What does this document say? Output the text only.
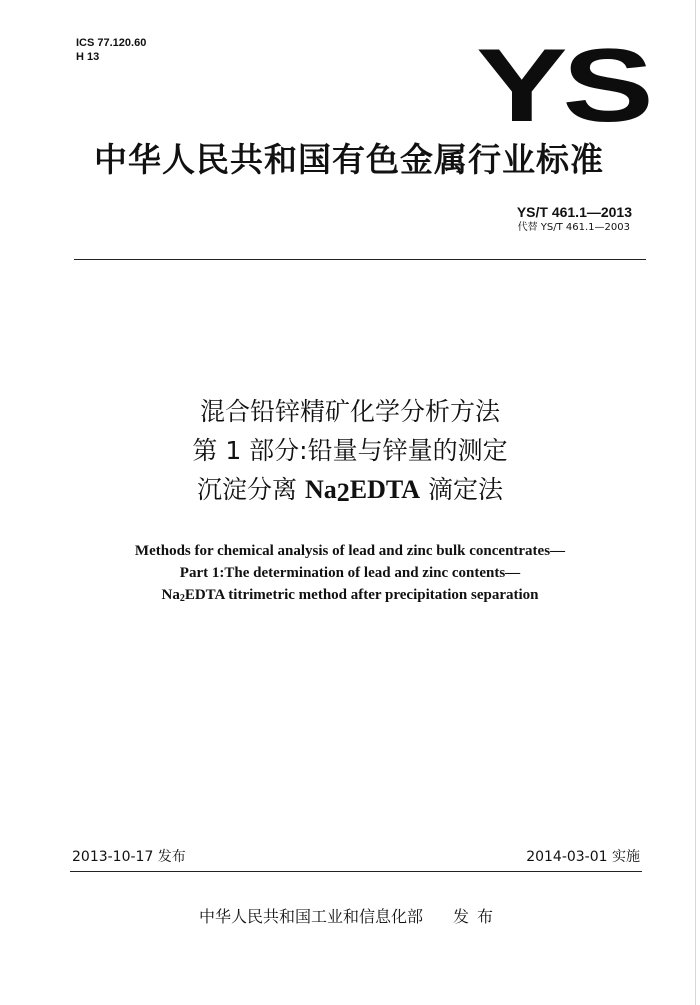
ICS 77.120.60
H 13	YS
中华人民共和国有色金属行业标准
YS/T 461.1—2013
代替 YS/T 461.1—2003
混合铅锌精矿化学分析方法
第 1 部分:铅量与锌量的测定
沉淀分离 $Na_2EDTA$ 滴定法
Methods for chemical analysis of lead and zinc bulk concentrates—
Part 1:The determination of lead and zinc contents—
$Na_2EDTA$ titrimetric method after precipitation separation
2013-10-17 发布	2014-03-01 实施
中华人民共和国工业和信息化部 发布
